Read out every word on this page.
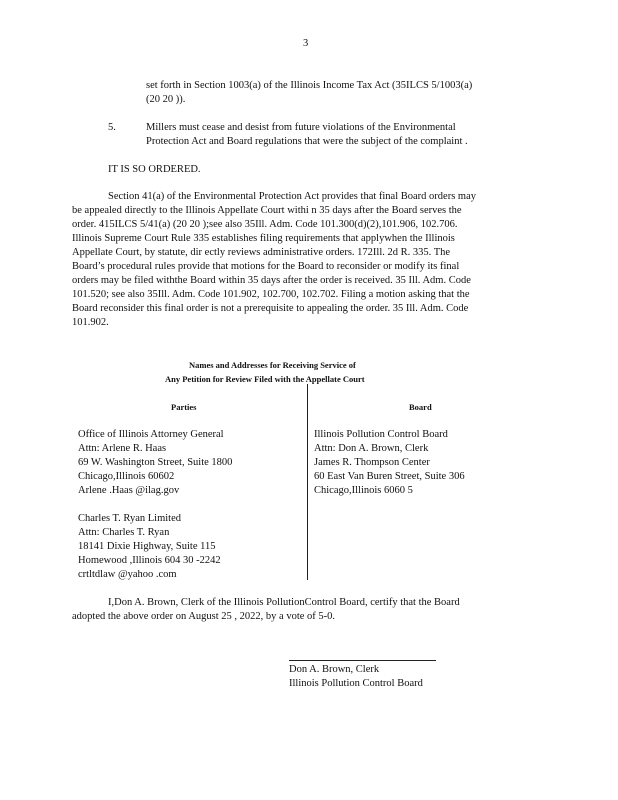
3
set forth in Section 1003(a) of the Illinois Income Tax Act (35ILCS 5/1003(a)
(20 20 )).
5.	Millers must cease and desist from future violations of the Environmental
Protection Act and Board regulations that were the subject of the complaint .
IT IS SO ORDERED.
Section 41(a) of the Environmental Protection Act provides that final Board orders may
be appealed directly to the Illinois Appellate Court withi n 35 days after the Board serves the
order. 415ILCS 5/41(a) (20 20 );see also 35Ill. Adm. Code 101.300(d)(2),101.906, 102.706.
Illinois Supreme Court Rule 335 establishes filing requirements that applywhen the Illinois
Appellate Court, by statute, dir ectly reviews administrative orders. 172Ill. 2d R. 335. The
Board’s procedural rules provide that motions for the Board to reconsider or modify its final
orders may be filed withthe Board within 35 days after the order is received. 35 Ill. Adm. Code
101.520; see also 35Ill. Adm. Code 101.902, 102.700, 102.702. Filing a motion asking that the
Board reconsider this final order is not a prerequisite to appealing the order. 35 Ill. Adm. Code
101.902.
Names and Addresses for Receiving Service of
Any Petition for Review Filed with the Appellate Court
Parties	Board
Office of Illinois Attorney General
Attn: Arlene R. Haas
69 W. Washington Street, Suite 1800
Chicago,Illinois 60602
Arlene .Haas @ilag.gov
Charles T. Ryan Limited
Attn: Charles T. Ryan
18141 Dixie Highway, Suite 115
Homewood ,Illinois 604 30 -2242
crtltdlaw @yahoo .com
Illinois Pollution Control Board
Attn: Don A. Brown, Clerk
James R. Thompson Center
60 East Van Buren Street, Suite 306
Chicago,Illinois 6060 5
I,Don A. Brown, Clerk of the Illinois PollutionControl Board, certify that the Board
adopted the above order on August 25 , 2022, by a vote of 5-0.
Don A. Brown, Clerk
Illinois Pollution Control Board
